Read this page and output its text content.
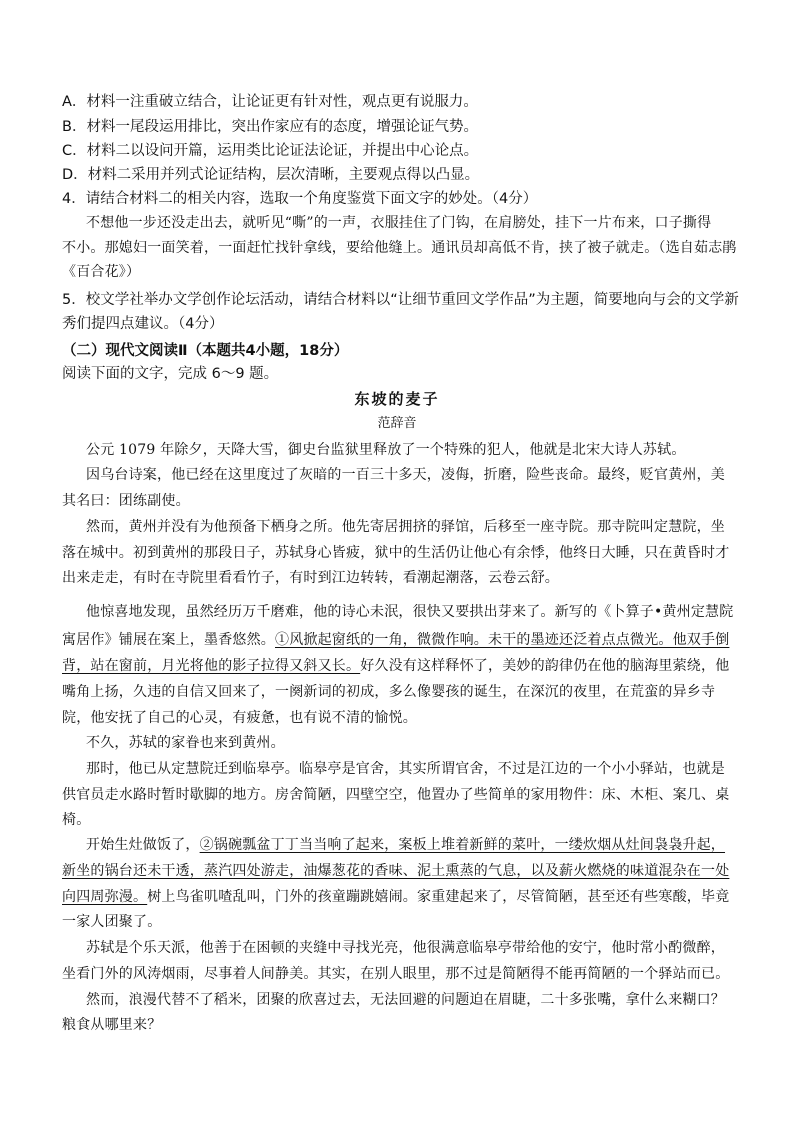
A．材料一注重破立结合，让论证更有针对性，观点更有说服力。
B．材料一尾段运用排比，突出作家应有的态度，增强论证气势。
C．材料二以设问开篇，运用类比论证法论证，并提出中心论点。
D．材料二采用并列式论证结构，层次清晰，主要观点得以凸显。
4．请结合材料二的相关内容，选取一个角度鉴赏下面文字的妙处。（4分）
不想他一步还没走出去，就听见“嘶”的一声，衣服挂住了门钩，在肩膀处，挂下一片布来，口子撕得
不小。那媳妇一面笑着，一面赶忙找针拿线，要给他缝上。通讯员却高低不肯，挟了被子就走。（选自茹志鹃
《百合花》）
5．校文学社举办文学创作论坛活动，请结合材料以“让细节重回文学作品”为主题，简要地向与会的文学新
秀们提四点建议。（4分）
（二）现代文阅读Ⅱ（本题共4小题，18分）
阅读下面的文字，完成 6～9 题。
东坡的麦子
范辞音
公元 1079 年除夕，天降大雪，御史台监狱里释放了一个特殊的犯人，他就是北宋大诗人苏轼。
因乌台诗案，他已经在这里度过了灰暗的一百三十多天，凌侮，折磨，险些丧命。最终，贬官黄州，美
其名曰：团练副使。
然而，黄州并没有为他预备下栖身之所。他先寄居拥挤的驿馆，后移至一座寺院。那寺院叫定慧院，坐
落在城中。初到黄州的那段日子，苏轼身心皆疲，狱中的生活仍让他心有余悸，他终日大睡，只在黄昏时才
出来走走，有时在寺院里看看竹子，有时到江边转转，看潮起潮落，云卷云舒。
他惊喜地发现，虽然经历万千磨难，他的诗心未泯，很快又要拱出芽来了。新写的《卜算子•黄州定慧院
寓居作》铺展在案上，墨香悠然。①风掀起窗纸的一角，微微作响。未干的墨迹还泛着点点微光。他双手倒
背，站在窗前，月光将他的影子拉得又斜又长。好久没有这样释怀了，美妙的韵律仍在他的脑海里萦绕，他
嘴角上扬，久违的自信又回来了，一阕新词的初成，多么像婴孩的诞生，在深沉的夜里，在荒蛮的异乡寺
院，他安抚了自己的心灵，有疲惫，也有说不清的愉悦。
不久，苏轼的家眷也来到黄州。
那时，他已从定慧院迁到临皋亭。临皋亭是官舍，其实所谓官舍，不过是江边的一个小小驿站，也就是
供官员走水路时暂时歇脚的地方。房舍简陋，四壁空空，他置办了些简单的家用物件：床、木柜、案几、桌
椅。
开始生灶做饭了，②锅碗瓢盆丁丁当当响了起来，案板上堆着新鲜的菜叶，一缕炊烟从灶间袅袅升起，
新坐的锅台还未干透，蒸汽四处游走，油爆葱花的香味、泥土熏蒸的气息，以及薪火燃烧的味道混杂在一处
向四周弥漫。树上鸟雀叽喳乱叫，门外的孩童蹦跳嬉闹。家重建起来了，尽管简陋，甚至还有些寒酸，毕竟
一家人团聚了。
苏轼是个乐天派，他善于在困顿的夹缝中寻找光亮，他很满意临皋亭带给他的安宁，他时常小酌微醉，
坐看门外的风涛烟雨，尽事着人间静美。其实，在别人眼里，那不过是简陋得不能再简陋的一个驿站而已。
然而，浪漫代替不了稻米，团聚的欣喜过去，无法回避的问题迫在眉睫，二十多张嘴，拿什么来糊口？
粮食从哪里来？
